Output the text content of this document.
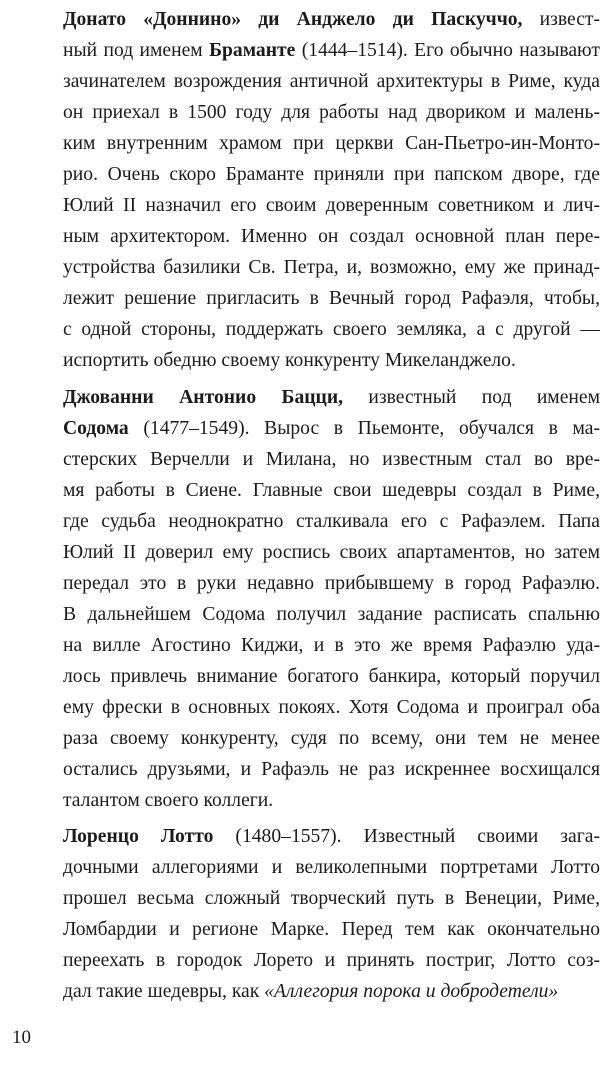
Донато «Доннино» ди Анджело ди Паскуччо, извест-
ный под именем Браманте (1444–1514). Его обычно называют
зачинателем возрождения античной архитектуры в Риме, куда
он приехал в 1500 году для работы над двориком и малень-
ким внутренним храмом при церкви Сан-Пьетро-ин-Монто-
рио. Очень скоро Браманте приняли при папском дворе, где
Юлий II назначил его своим доверенным советником и лич-
ным архитектором. Именно он создал основной план пере-
устройства базилики Св. Петра, и, возможно, ему же принад-
лежит решение пригласить в Вечный город Рафаэля, чтобы,
с одной стороны, поддержать своего земляка, а с другой —
испортить обедню своему конкуренту Микеланджело.
Джованни Антонио Бацци, известный под именем
Содома (1477–1549). Вырос в Пьемонте, обучался в ма-
стерских Верчелли и Милана, но известным стал во вре-
мя работы в Сиене. Главные свои шедевры создал в Риме,
где судьба неоднократно сталкивала его с Рафаэлем. Папа
Юлий II доверил ему роспись своих апартаментов, но затем
передал это в руки недавно прибывшему в город Рафаэлю.
В дальнейшем Содома получил задание расписать спальню
на вилле Агостино Киджи, и в это же время Рафаэлю уда-
лось привлечь внимание богатого банкира, который поручил
ему фрески в основных покоях. Хотя Содома и проиграл оба
раза своему конкуренту, судя по всему, они тем не менее
остались друзьями, и Рафаэль не раз искреннее восхищался
талантом своего коллеги.
Лоренцо Лотто (1480–1557). Известный своими зага-
дочными аллегориями и великолепными портретами Лотто
прошел весьма сложный творческий путь в Венеции, Риме,
Ломбардии и регионе Марке. Перед тем как окончательно
переехать в городок Лорето и принять постриг, Лотто соз-
дал такие шедевры, как «Аллегория порока и добродетели»
10
